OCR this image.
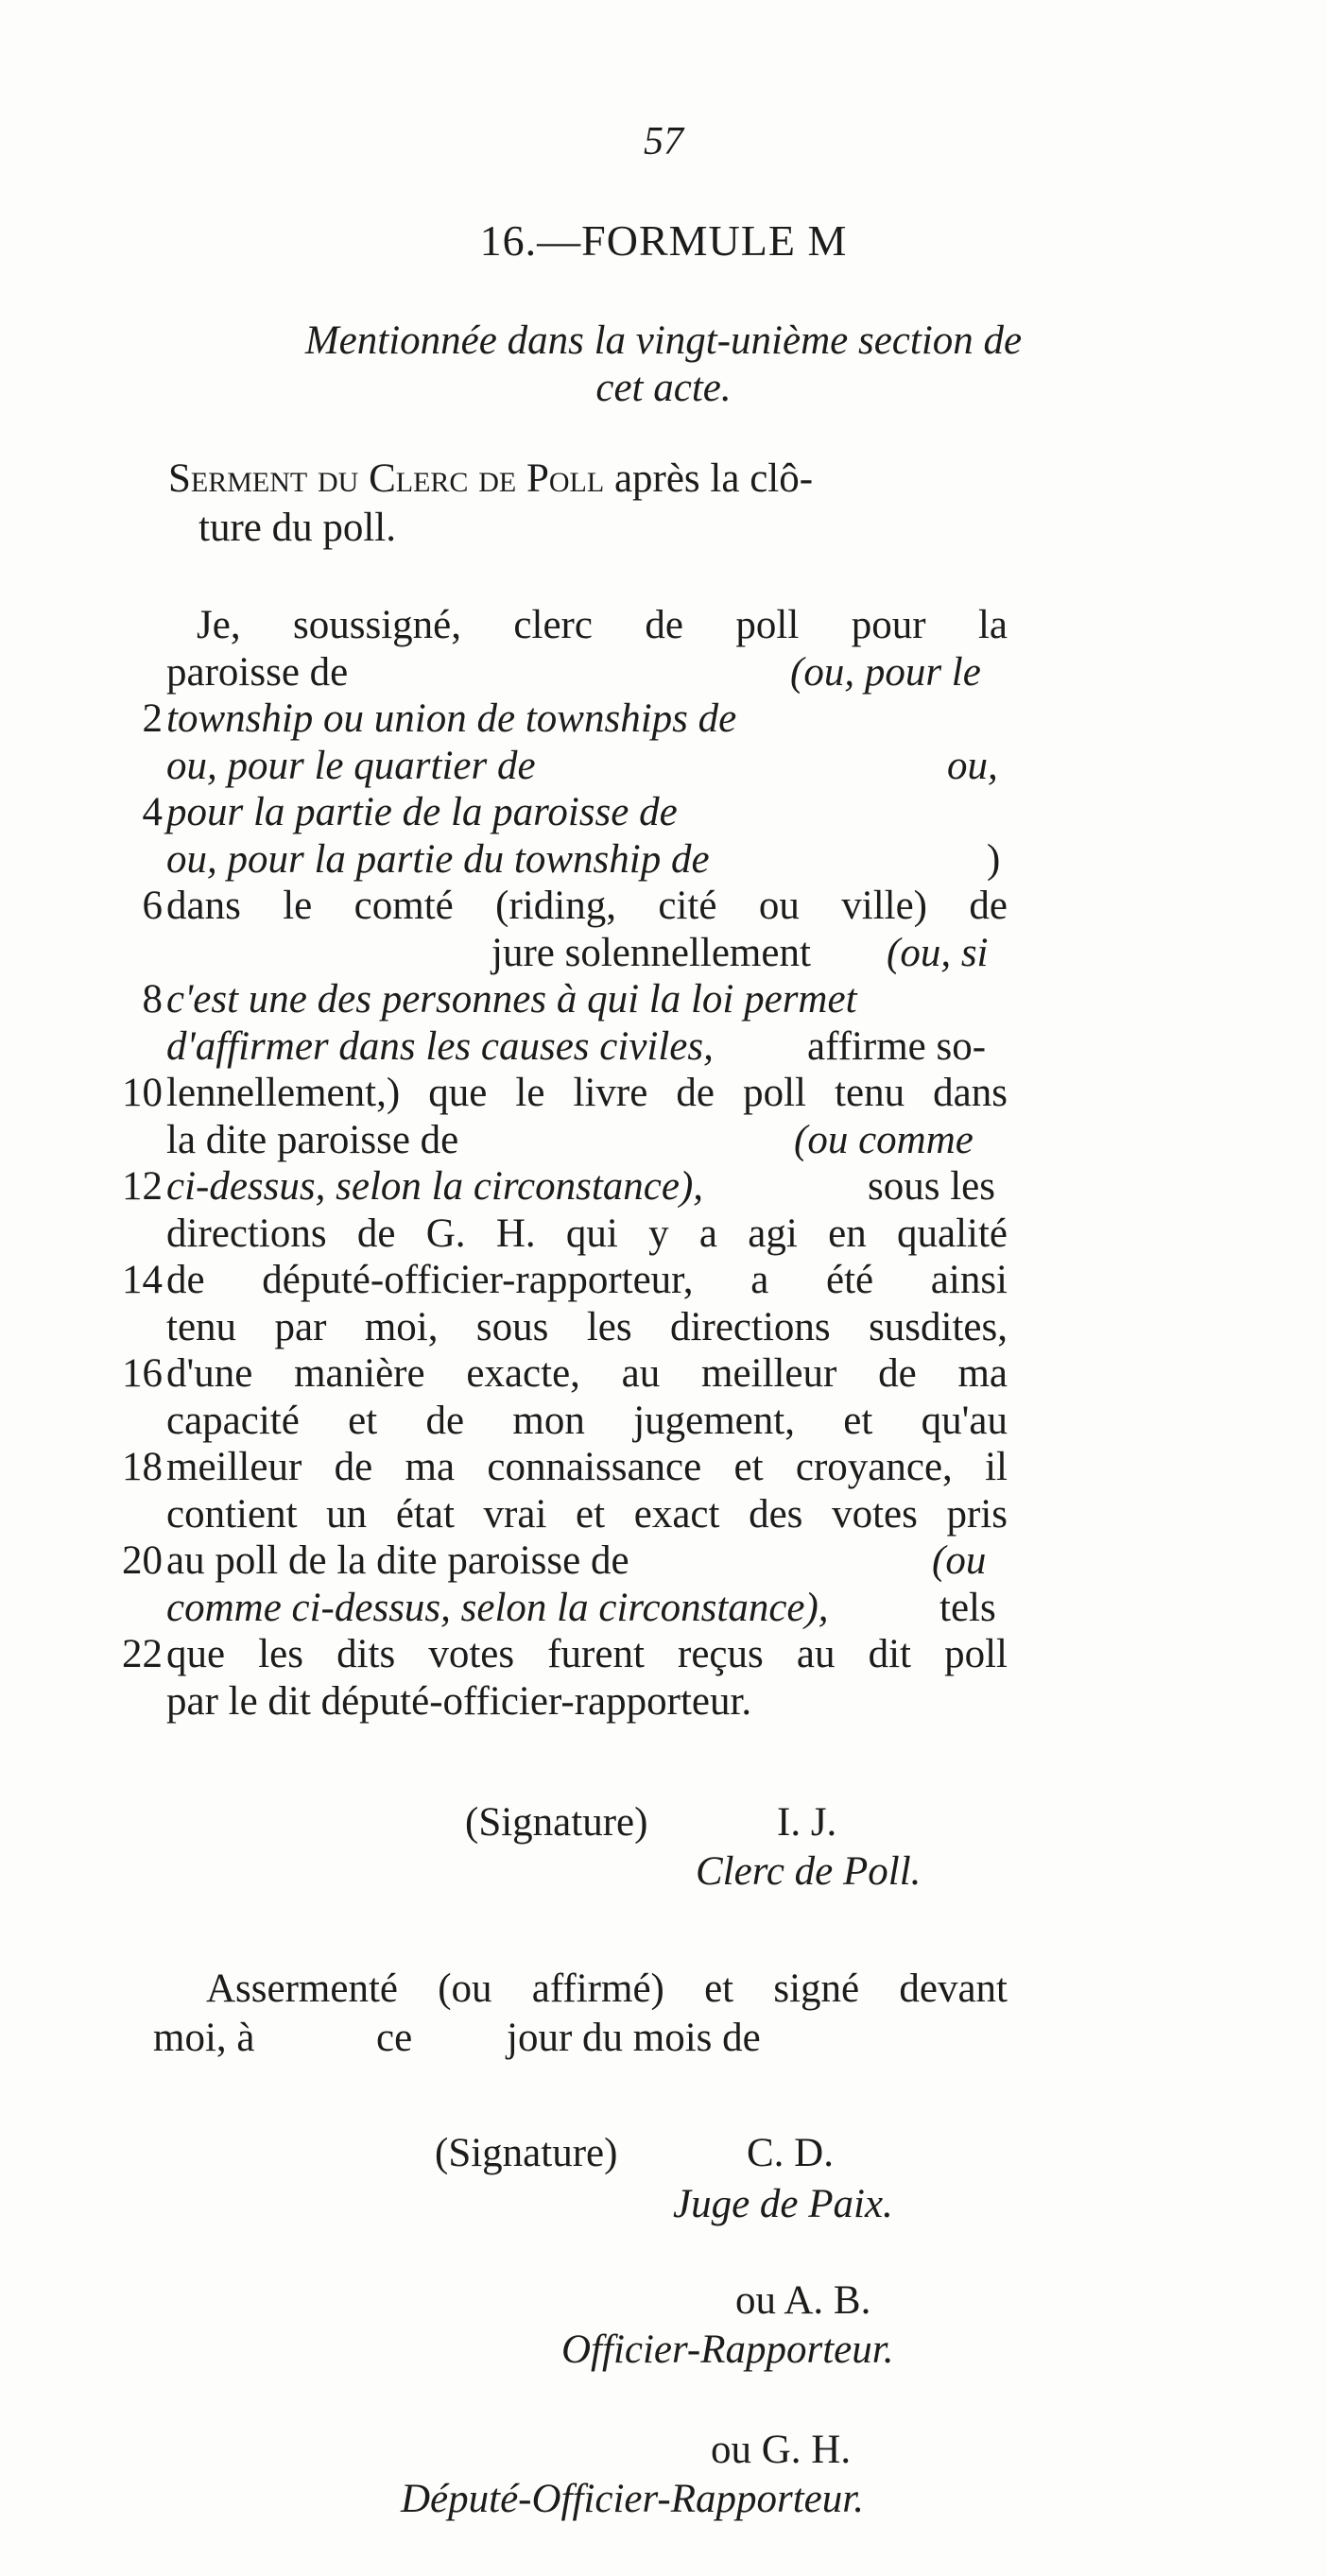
57
16.—FORMULE M
Mentionnée dans la vingt-unième section de
cet acte.
Serment du Clerc de Poll après la clô-
ture du poll.
Je, soussigné, clerc de poll pour la
paroisse de	(ou, pour le
2 township ou union de townships de
ou, pour le quartier de	ou,
4 pour la partie de la paroisse de
ou, pour la partie du township de	)
6 dans le comté (riding, cité ou ville) de
jure solennellement (ou, si
8 c'est une des personnes à qui la loi permet
d'affirmer dans les causes civiles, affirme so-
10 lennellement,) que le livre de poll tenu dans
la dite paroisse de	(ou comme
12 ci-dessus, selon la circonstance),	sous les
directions de G. H. qui y a agi en qualité
14 de député-officier-rapporteur, a été ainsi
tenu par moi, sous les directions susdites,
16 d'une manière exacte, au meilleur de ma
capacité et de mon jugement, et qu'au
18 meilleur de ma connaissance et croyance, il
contient un état vrai et exact des votes pris
20 au poll de la dite paroisse de	(ou
comme ci-dessus, selon la circonstance),	tels
22 que les dits votes furent reçus au dit poll
par le dit député-officier-rapporteur.
(Signature)	I. J.
Clerc de Poll.
Assermenté (ou affirmé) et signé devant
moi, à	ce jour du mois de
(Signature)	C. D.
Juge de Paix.
ou A. B.
Officier-Rapporteur.
ou G. H.
Député-Officier-Rapporteur.
